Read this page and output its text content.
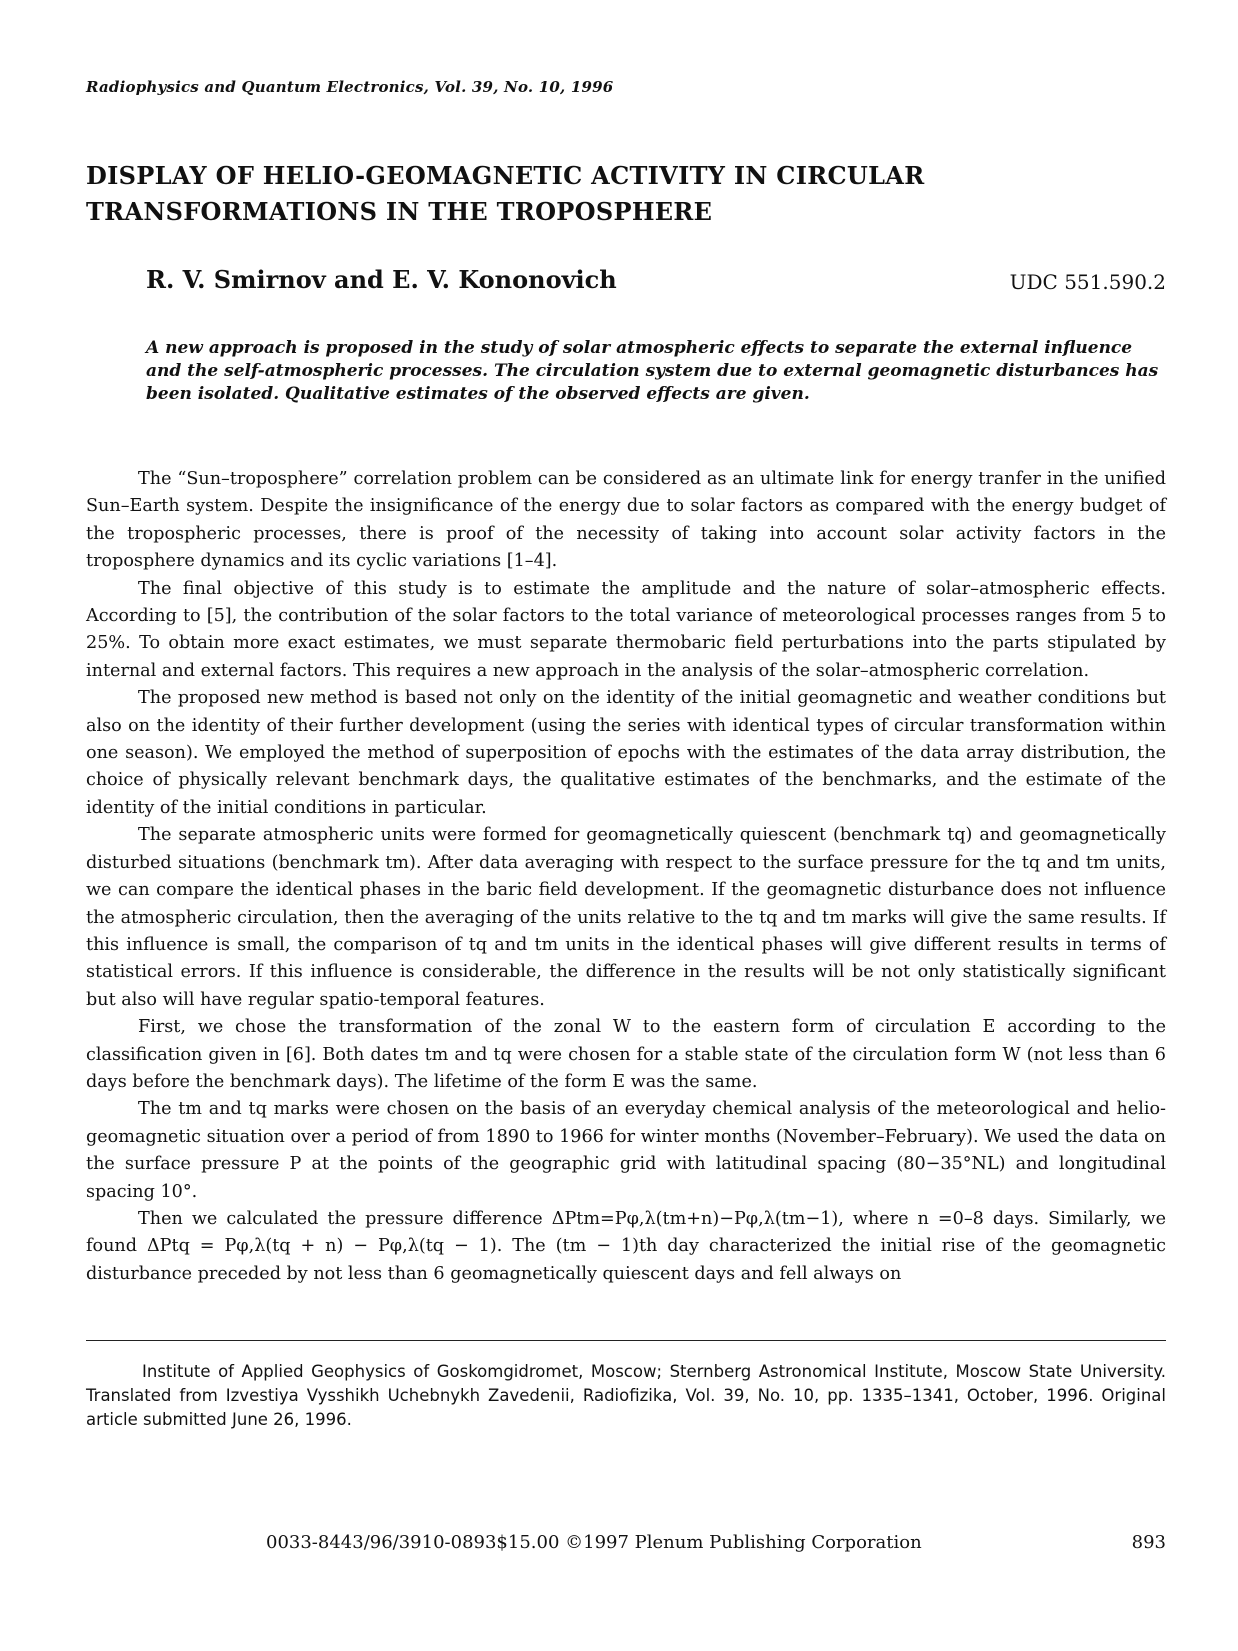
Radiophysics and Quantum Electronics, Vol. 39, No. 10, 1996
DISPLAY OF HELIO-GEOMAGNETIC ACTIVITY IN CIRCULAR
TRANSFORMATIONS IN THE TROPOSPHERE
R. V. Smirnov and E. V. Kononovich	UDC 551.590.2
A new approach is proposed in the study of solar atmospheric effects to separate the external influence and the self-atmospheric processes. The circulation system due to external geomagnetic disturbances has been isolated. Qualitative estimates of the observed effects are given.

The “Sun–troposphere” correlation problem can be considered as an ultimate link for energy tranfer in the unified Sun–Earth system. Despite the insignificance of the energy due to solar factors as compared with the energy budget of the tropospheric processes, there is proof of the necessity of taking into account solar activity factors in the troposphere dynamics and its cyclic variations [1–4].

The final objective of this study is to estimate the amplitude and the nature of solar–atmospheric effects. According to [5], the contribution of the solar factors to the total variance of meteorological processes ranges from 5 to 25%. To obtain more exact estimates, we must separate thermobaric field perturbations into the parts stipulated by internal and external factors. This requires a new approach in the analysis of the solar–atmospheric correlation.

The proposed new method is based not only on the identity of the initial geomagnetic and weather conditions but also on the identity of their further development (using the series with identical types of circular transformation within one season). We employed the method of superposition of epochs with the estimates of the data array distribution, the choice of physically relevant benchmark days, the qualitative estimates of the benchmarks, and the estimate of the identity of the initial conditions in particular.

The separate atmospheric units were formed for geomagnetically quiescent (benchmark tq) and geomagnetically disturbed situations (benchmark tm). After data averaging with respect to the surface pressure for the tq and tm units, we can compare the identical phases in the baric field development. If the geomagnetic disturbance does not influence the atmospheric circulation, then the averaging of the units relative to the tq and tm marks will give the same results. If this influence is small, the comparison of tq and tm units in the identical phases will give different results in terms of statistical errors. If this influence is considerable, the difference in the results will be not only statistically significant but also will have regular spatio-temporal features.

First, we chose the transformation of the zonal W to the eastern form of circulation E according to the classification given in [6]. Both dates tm and tq were chosen for a stable state of the circulation form W (not less than 6 days before the benchmark days). The lifetime of the form E was the same.

The tm and tq marks were chosen on the basis of an everyday chemical analysis of the meteorological and helio-geomagnetic situation over a period of from 1890 to 1966 for winter months (November–February). We used the data on the surface pressure P at the points of the geographic grid with latitudinal spacing (80−35°NL) and longitudinal spacing 10°.

Then we calculated the pressure difference ΔPtm=Pφ,λ(tm+n)−Pφ,λ(tm−1), where n =0–8 days. Similarly, we found ΔPtq = Pφ,λ(tq + n) − Pφ,λ(tq − 1). The (tm − 1)th day characterized the initial rise of the geomagnetic disturbance preceded by not less than 6 geomagnetically quiescent days and fell always on

Institute of Applied Geophysics of Goskomgidromet, Moscow; Sternberg Astronomical Institute, Moscow State University. Translated from Izvestiya Vysshikh Uchebnykh Zavedenii, Radiofizika, Vol. 39, No. 10, pp. 1335–1341, October, 1996. Original article submitted June 26, 1996.
0033-8443/96/3910-0893$15.00 ©1997 Plenum Publishing Corporation	893
